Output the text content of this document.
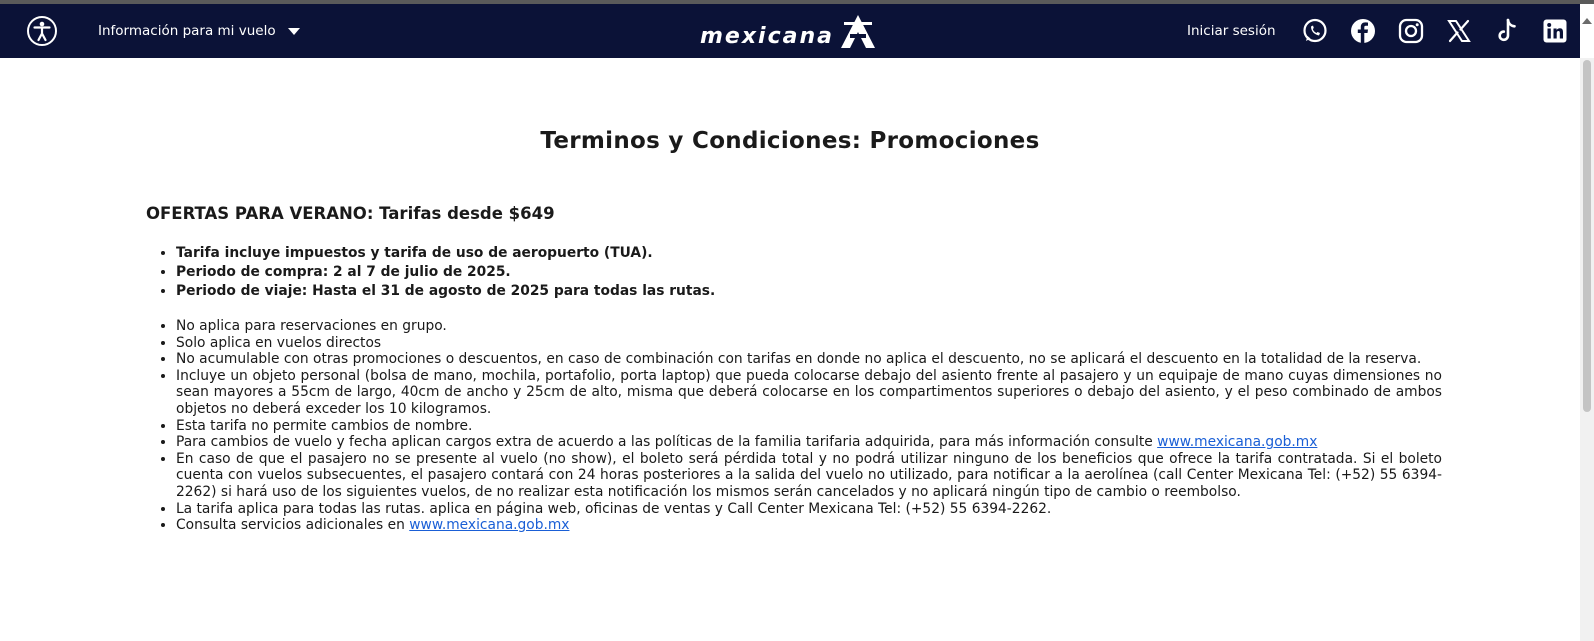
Información para mi vuelo	mexicana	Iniciar sesión
Terminos y Condiciones: Promociones
OFERTAS PARA VERANO: Tarifas desde $649
• Tarifa incluye impuestos y tarifa de uso de aeropuerto (TUA).
• Periodo de compra: 2 al 7 de julio de 2025.
• Periodo de viaje: Hasta el 31 de agosto de 2025 para todas las rutas.
• No aplica para reservaciones en grupo.
• Solo aplica en vuelos directos
• No acumulable con otras promociones o descuentos, en caso de combinación con tarifas en donde no aplica el descuento, no se aplicará el descuento en la totalidad de la reserva.
• Incluye un objeto personal (bolsa de mano, mochila, portafolio, porta laptop) que pueda colocarse debajo del asiento frente al pasajero y un equipaje de mano cuyas dimensiones no sean mayores a 55cm de largo, 40cm de ancho y 25cm de alto, misma que deberá colocarse en los compartimentos superiores o debajo del asiento, y el peso combinado de ambos objetos no deberá exceder los 10 kilogramos.
• Esta tarifa no permite cambios de nombre.
• Para cambios de vuelo y fecha aplican cargos extra de acuerdo a las políticas de la familia tarifaria adquirida, para más información consulte www.mexicana.gob.mx
• En caso de que el pasajero no se presente al vuelo (no show), el boleto será pérdida total y no podrá utilizar ninguno de los beneficios que ofrece la tarifa contratada. Si el boleto cuenta con vuelos subsecuentes, el pasajero contará con 24 horas posteriores a la salida del vuelo no utilizado, para notificar a la aerolínea (call Center Mexicana Tel: (+52) 55 6394-2262) si hará uso de los siguientes vuelos, de no realizar esta notificación los mismos serán cancelados y no aplicará ningún tipo de cambio o reembolso.
• La tarifa aplica para todas las rutas. aplica en página web, oficinas de ventas y Call Center Mexicana Tel: (+52) 55 6394-2262.
• Consulta servicios adicionales en www.mexicana.gob.mx
